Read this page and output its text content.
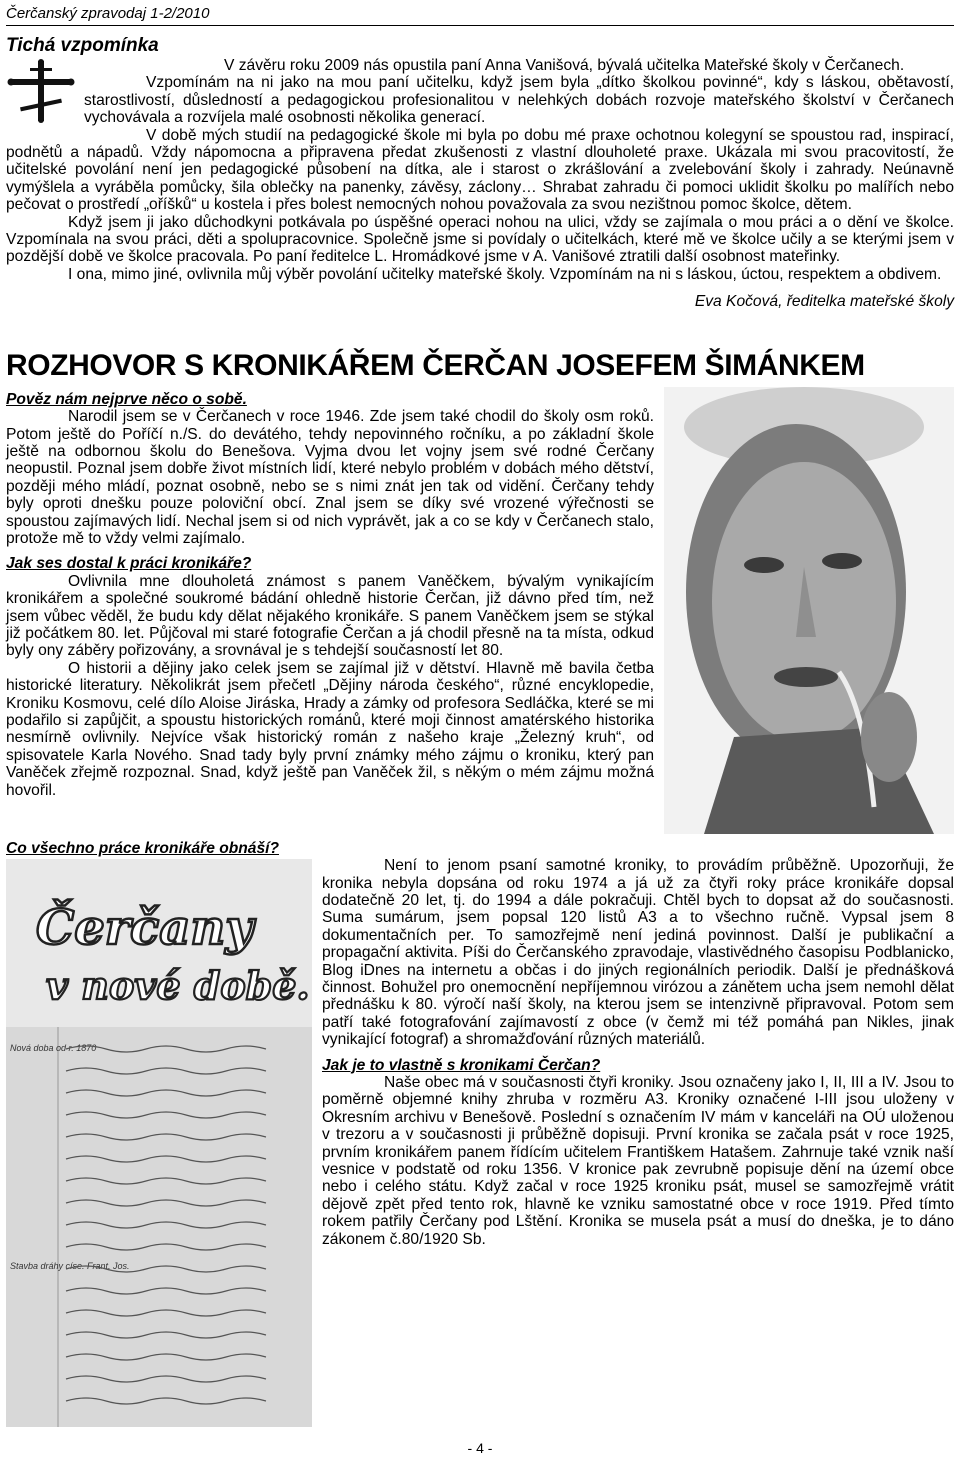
Čerčanský zpravodaj 1-2/2010
Tichá vzpomínka

V závěru roku 2009 nás opustila paní Anna Vanišová, bývalá učitelka Mateřské školy v Čerčanech.

Vzpomínám na ni jako na mou paní učitelku, když jsem byla „dítko školkou povinné“, kdy s láskou, obětavostí, starostlivostí, důsledností a pedagogickou profesionalitou v nelehkých dobách rozvoje mateřského školství v Čerčanech vychovávala a rozvíjela malé osobnosti několika generací.

V době mých studií na pedagogické škole mi byla po dobu mé praxe ochotnou kolegyní se spoustou rad, inspirací, podnětů a nápadů. Vždy nápomocna a připravena předat zkušenosti z vlastní dlouholeté praxe. Ukázala mi svou pracovitostí, že učitelské povolání není jen pedagogické působení na dítka, ale i starost o zkrášlování a zvelebování školy i zahrady. Neúnavně vymýšlela a vyráběla pomůcky, šila oblečky na panenky, závěsy, záclony… Shrabat zahradu či pomoci uklidit školku po malířích nebo pečovat o prostředí „oříšků“ u kostela i přes bolest nemocných nohou považovala za svou nezištnou pomoc školce, dětem.

Když jsem ji jako důchodkyni potkávala po úspěšné operaci nohou na ulici, vždy se zajímala o mou práci a o dění ve školce. Vzpomínala na svou práci, děti a spolupracovnice. Společně jsme si povídaly o učitelkách, které mě ve školce učily a se kterými jsem v pozdější době ve školce pracovala. Po paní ředitelce L. Hromádkové jsme v A. Vanišové ztratili další osobnost mateřinky.

I ona, mimo jiné, ovlivnila můj výběr povolání učitelky mateřské školy. Vzpomínám na ni s láskou, úctou, respektem a obdivem.

Eva Kočová, ředitelka mateřské školy
ROZHOVOR S KRONIKÁŘEM ČERČAN JOSEFEM ŠIMÁNKEM
Pověz nám nejprve něco o sobě.

Narodil jsem se v Čerčanech v roce 1946. Zde jsem také chodil do školy osm roků. Potom ještě do Poříčí n./S. do devátého, tehdy nepovinného ročníku, a po základní škole ještě na odbornou školu do Benešova. Vyjma dvou let vojny jsem své rodné Čerčany neopustil. Poznal jsem dobře život místních lidí, které nebylo problém v dobách mého dětství, později mého mládí, poznat osobně, nebo se s nimi znát jen tak od vidění. Čerčany tehdy byly oproti dnešku pouze poloviční obcí. Znal jsem se díky své vrozené výřečnosti se spoustou zajímavých lidí. Nechal jsem si od nich vyprávět, jak a co se kdy v Čerčanech stalo, protože mě to vždy velmi zajímalo.

Jak ses dostal k práci kronikáře?

Ovlivnila mne dlouholetá známost s panem Vaněčkem, bývalým vynikajícím kronikářem a společné soukromé bádání ohledně historie Čerčan, již dávno před tím, než jsem vůbec věděl, že budu kdy dělat nějakého kronikáře. S panem Vaněčkem jsem se stýkal již počátkem 80. let. Půjčoval mi staré fotografie Čerčan a já chodil přesně na ta místa, odkud byly ony záběry pořizovány, a srovnával je s tehdejší současností let 80.

O historii a dějiny jako celek jsem se zajímal již v dětství. Hlavně mě bavila četba historické literatury. Několikrát jsem přečetl „Dějiny národa českého“, různé encyklopedie, Kroniku Kosmovu, celé dílo Aloise Jiráska, Hrady a zámky od profesora Sedláčka, které se mi podařilo si zapůjčit, a spoustu historických románů, které moji činnost amatérského historika nesmírně ovlivnily. Nejvíce však historický román z našeho kraje „Železný kruh“, od spisovatele Karla Nového. Snad tady byly první známky mého zájmu o kroniku, který pan Vaněček zřejmě rozpoznal. Snad, když ještě pan Vaněček žil, s někým o mém zájmu možná hovořil.

Co všechno práce kronikáře obnáší?
Čerčany
v nové době.
Nová doba od r. 1870
Stavba dráhy císe. Frant. Jos.

Není to jenom psaní samotné kroniky, to provádím průběžně. Upozorňuji, že kronika nebyla dopsána od roku 1974 a já už za čtyři roky práce kronikáře dopsal dodatečně 20 let, tj. do 1994 a dále pokračuji. Chtěl bych to dopsat až do současnosti. Suma sumárum, jsem popsal 120 listů A3 a to všechno ručně. Vypsal jsem 8 dokumentačních per. To samozřejmě není jediná povinnost. Další je publikační a propagační aktivita. Píši do Čerčanského zpravodaje, vlastivědného časopisu Podblanicko, Blog iDnes na internetu a občas i do jiných regionálních periodik. Další je přednášková činnost. Bohužel pro onemocnění nepříjemnou virózou a zánětem ucha jsem nemohl dělat přednášku k 80. výročí naší školy, na kterou jsem se intenzivně připravoval. Potom sem patří také fotografování zajímavostí z obce (v čemž mi též pomáhá pan Nikles, jinak vynikající fotograf) a shromažďování různých materiálů.

Jak je to vlastně s kronikami Čerčan?

Naše obec má v současnosti čtyři kroniky. Jsou označeny jako I, II, III a IV. Jsou to poměrně objemné knihy zhruba v rozměru A3. Kroniky označené I-III jsou uloženy v Okresním archivu v Benešově. Poslední s označením IV mám v kanceláři na OÚ uloženou v trezoru a v současnosti ji průběžně dopisuji. První kronika se začala psát v roce 1925, prvním kronikářem panem řídícím učitelem Františkem Hatašem. Zahrnuje také vznik naší vesnice v podstatě od roku 1356. V kronice pak zevrubně popisuje dění na území obce nebo i celého státu. Když začal v roce 1925 kroniku psát, musel se samozřejmě vrátit dějově zpět před tento rok, hlavně ke vzniku samostatné obce v roce 1919. Před tímto rokem patřily Čerčany pod Lštění. Kronika se musela psát a musí do dneška, je to dáno zákonem č.80/1920 Sb.

- 4 -
